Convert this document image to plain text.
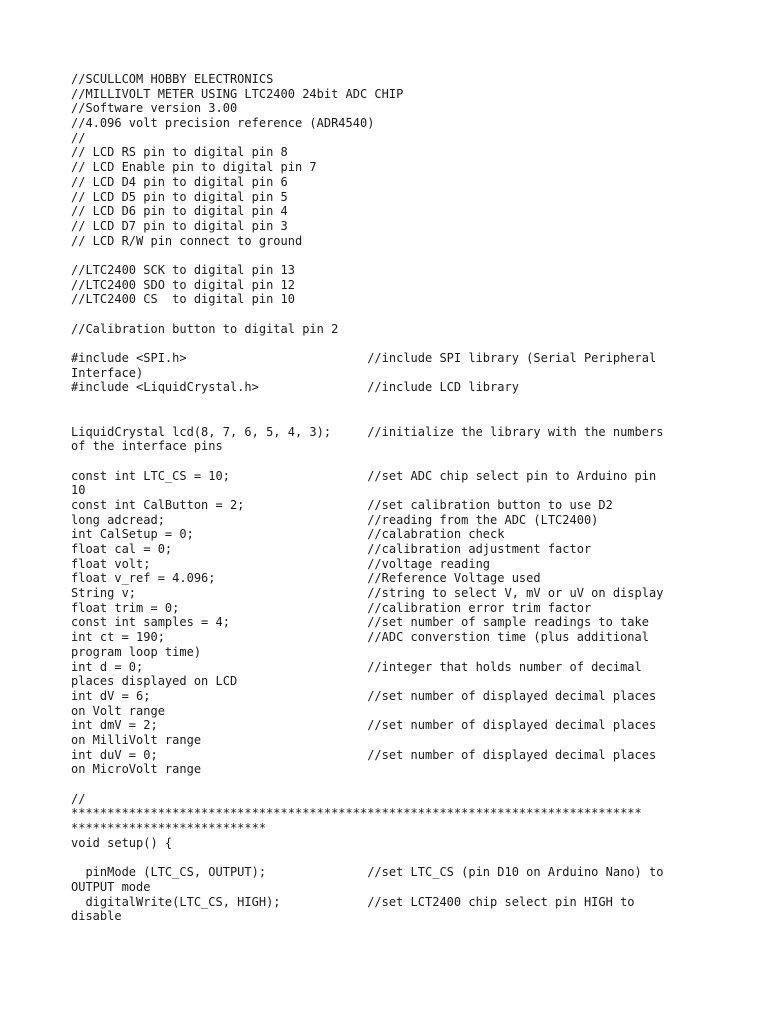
//SCULLCOM HOBBY ELECTRONICS
//MILLIVOLT METER USING LTC2400 24bit ADC CHIP
//Software version 3.00
//4.096 volt precision reference (ADR4540)
//
// LCD RS pin to digital pin 8
// LCD Enable pin to digital pin 7
// LCD D4 pin to digital pin 6
// LCD D5 pin to digital pin 5
// LCD D6 pin to digital pin 4
// LCD D7 pin to digital pin 3
// LCD R/W pin connect to ground
//LTC2400 SCK to digital pin 13
//LTC2400 SDO to digital pin 12
//LTC2400 CS  to digital pin 10
//Calibration button to digital pin 2
#include <SPI.h>                         //include SPI library (Serial Peripheral
Interface)
#include <LiquidCrystal.h>               //include LCD library
LiquidCrystal lcd(8, 7, 6, 5, 4, 3);     //initialize the library with the numbers
of the interface pins
const int LTC_CS = 10;                   //set ADC chip select pin to Arduino pin
10
const int CalButton = 2;                 //set calibration button to use D2
long adcread;                            //reading from the ADC (LTC2400)
int CalSetup = 0;                        //calabration check
float cal = 0;                           //calibration adjustment factor
float volt;                              //voltage reading
float v_ref = 4.096;                     //Reference Voltage used
String v;                                //string to select V, mV or uV on display
float trim = 0;                          //calibration error trim factor
const int samples = 4;                   //set number of sample readings to take
int ct = 190;                            //ADC converstion time (plus additional
program loop time)
int d = 0;                               //integer that holds number of decimal
places displayed on LCD
int dV = 6;                              //set number of displayed decimal places
on Volt range
int dmV = 2;                             //set number of displayed decimal places
on MilliVolt range
int duV = 0;                             //set number of displayed decimal places
on MicroVolt range
//
*******************************************************************************
***************************
void setup() {
pinMode (LTC_CS, OUTPUT);              //set LTC_CS (pin D10 on Arduino Nano) to
OUTPUT mode
digitalWrite(LTC_CS, HIGH);            //set LCT2400 chip select pin HIGH to
disable
